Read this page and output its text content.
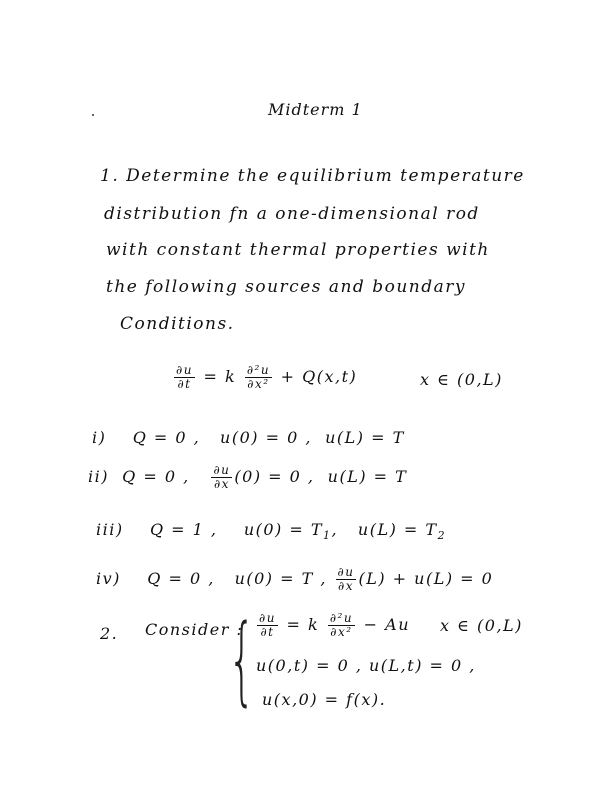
Midterm 1
1. Determine the equilibrium temperature
distribution fn a one-dimensional rod
with constant thermal properties with
the following sources and boundary
Conditions.
$\frac{\partial u}{\partial t} = k \frac{\text{∂²u}}{\text{∂x²}} + Q(x,t)$	x ∈ (0,L)
i) Q = 0 , u(0) = 0 , u(L) = T
ii) Q = 0 , $\frac{\partial u}{\partial x} (0) = 0$ , u(L) = T
iii) Q = 1 , $u(0) = T_1$, $u(L) = T_2$
iv) Q = 0 , u(0) = T , $\frac{\partial u}{\partial x} (L) + u(L) = 0$
2. Consider :
{ $\frac{\partial u}{\partial t} = k \frac{\text{∂²u}}{\text{∂x²}} - Au$ x ∈ (0,L)
u(0,t) = 0 , u(L,t) = 0 ,
u(x,0) = f(x).
